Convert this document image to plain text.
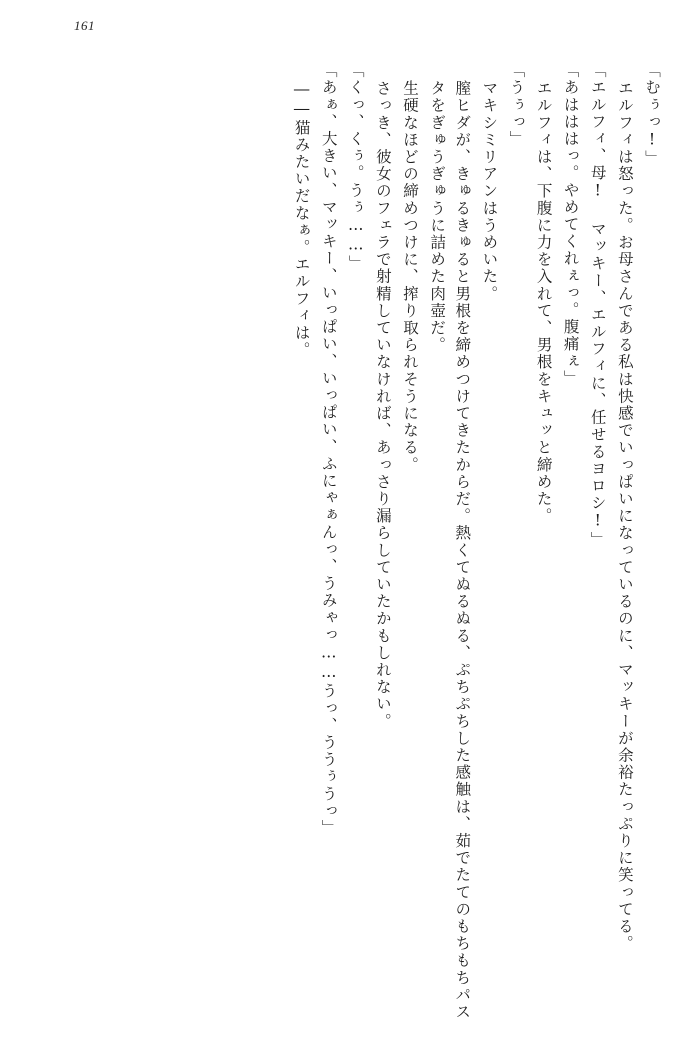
161
「むぅっ!」
エルフィは怒った。お母さんである私は快感でいっぱいになっているのに、マッキーが余裕たっぷりに笑ってる。
「エルフィ、母! マッキー、エルフィに、任せるヨロシ!」
「あはははっ。やめてくれぇっ。腹痛ぇ」
エルフィは、下腹に力を入れて、男根をキュッと締めた。
「うぅっ」
マキシミリアンはうめいた。
膣ヒダが、きゅるきゅると男根を締めつけてきたからだ。熱くてぬるぬる、ぷちぷちした感触は、茹でたてのもちもちパスタをぎゅうぎゅうに詰めた肉壺だ。
生硬なほどの締めつけに、搾り取られそうになる。
さっき、彼女のフェラで射精していなければ、あっさり漏らしていたかもしれない。
「くっ、くぅ。うぅ……」
「あぁ、大きい、マッキー、いっぱい、いっぱい、ふにゃぁんっ、うみゃっ……うっ、ううぅうっ」
――猫みたいだなぁ。エルフィは。
